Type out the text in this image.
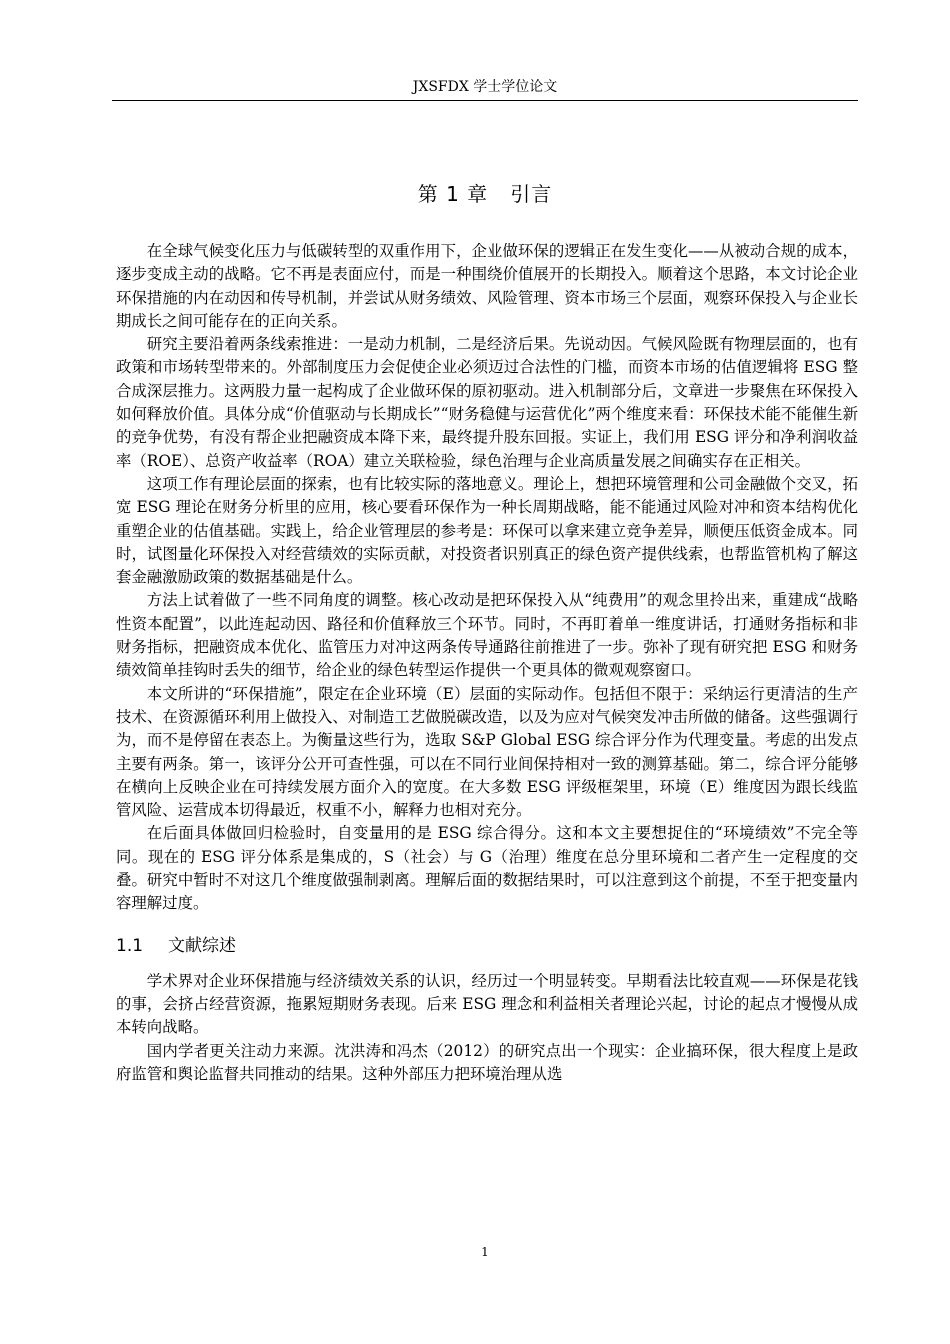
JXSFDX 学士学位论文
第 1 章   引言

在全球气候变化压力与低碳转型的双重作用下，企业做环保的逻辑正在发生变化——从被动合规的成本，逐步变成主动的战略。它不再是表面应付，而是一种围绕价值展开的长期投入。顺着这个思路，本文讨论企业环保措施的内在动因和传导机制，并尝试从财务绩效、风险管理、资本市场三个层面，观察环保投入与企业长期成长之间可能存在的正向关系。

研究主要沿着两条线索推进：一是动力机制，二是经济后果。先说动因。气候风险既有物理层面的，也有政策和市场转型带来的。外部制度压力会促使企业必须迈过合法性的门槛，而资本市场的估值逻辑将 ESG 整合成深层推力。这两股力量一起构成了企业做环保的原初驱动。进入机制部分后，文章进一步聚焦在环保投入如何释放价值。具体分成“价值驱动与长期成长”“财务稳健与运营优化”两个维度来看：环保技术能不能催生新的竞争优势，有没有帮企业把融资成本降下来，最终提升股东回报。实证上，我们用 ESG 评分和净利润收益率（ROE）、总资产收益率（ROA）建立关联检验，绿色治理与企业高质量发展之间确实存在正相关。

这项工作有理论层面的探索，也有比较实际的落地意义。理论上，想把环境管理和公司金融做个交叉，拓宽 ESG 理论在财务分析里的应用，核心要看环保作为一种长周期战略，能不能通过风险对冲和资本结构优化重塑企业的估值基础。实践上，给企业管理层的参考是：环保可以拿来建立竞争差异，顺便压低资金成本。同时，试图量化环保投入对经营绩效的实际贡献，对投资者识别真正的绿色资产提供线索，也帮监管机构了解这套金融激励政策的数据基础是什么。

方法上试着做了一些不同角度的调整。核心改动是把环保投入从“纯费用”的观念里拎出来，重建成“战略性资本配置”，以此连起动因、路径和价值释放三个环节。同时，不再盯着单一维度讲话，打通财务指标和非财务指标，把融资成本优化、监管压力对冲这两条传导通路往前推进了一步。弥补了现有研究把 ESG 和财务绩效简单挂钩时丢失的细节，给企业的绿色转型运作提供一个更具体的微观观察窗口。

本文所讲的“环保措施”，限定在企业环境（E）层面的实际动作。包括但不限于：采纳运行更清洁的生产技术、在资源循环利用上做投入、对制造工艺做脱碳改造，以及为应对气候突发冲击所做的储备。这些强调行为，而不是停留在表态上。为衡量这些行为，选取 S&P Global ESG 综合评分作为代理变量。考虑的出发点主要有两条。第一，该评分公开可查性强，可以在不同行业间保持相对一致的测算基础。第二，综合评分能够在横向上反映企业在可持续发展方面介入的宽度。在大多数 ESG 评级框架里，环境（E）维度因为跟长线监管风险、运营成本切得最近，权重不小，解释力也相对充分。

在后面具体做回归检验时，自变量用的是 ESG 综合得分。这和本文主要想捉住的“环境绩效”不完全等同。现在的 ESG 评分体系是集成的，S（社会）与 G（治理）维度在总分里环境和二者产生一定程度的交叠。研究中暂时不对这几个维度做强制剥离。理解后面的数据结果时，可以注意到这个前提，不至于把变量内容理解过度。

1.1 文献综述

学术界对企业环保措施与经济绩效关系的认识，经历过一个明显转变。早期看法比较直观——环保是花钱的事，会挤占经营资源，拖累短期财务表现。后来 ESG 理念和利益相关者理论兴起，讨论的起点才慢慢从成本转向战略。

国内学者更关注动力来源。沈洪涛和冯杰（2012）的研究点出一个现实：企业搞环保，很大程度上是政府监管和舆论监督共同推动的结果。这种外部压力把环境治理从选

1
